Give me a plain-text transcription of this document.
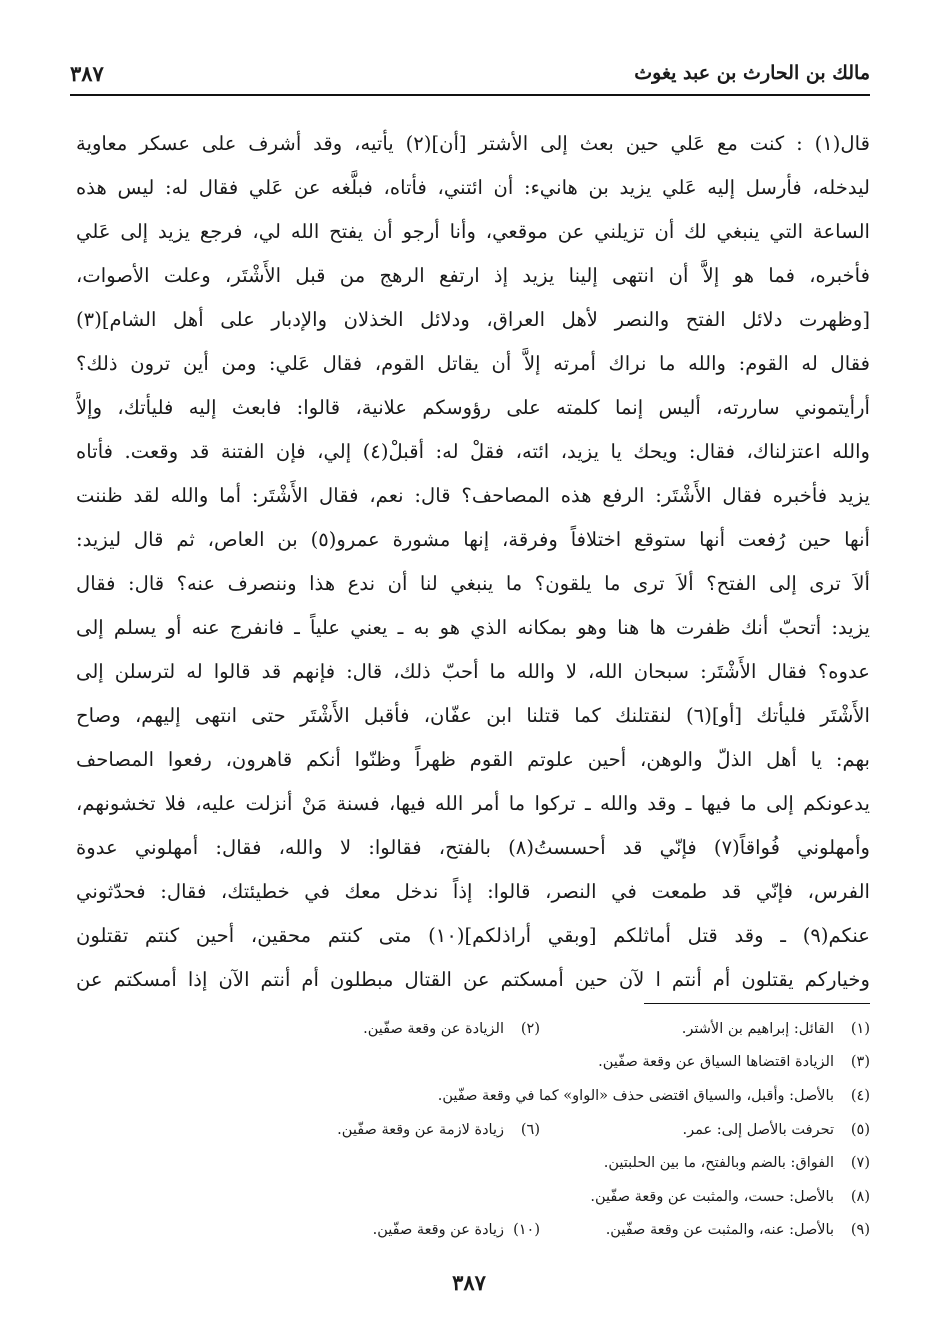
مالك بن الحارث بن عبد يغوث
٣٨٧
قال(١) : كنت مع عَلي حين بعث إلى الأشتر [أن](٢) يأتيه، وقد أشرف على عسكر معاوية
ليدخله، فأرسل إليه عَلي يزيد بن هانيء: أن ائتني، فأتاه، فبلَّغه عن عَلي فقال له: ليس هذه
الساعة التي ينبغي لك أن تزيلني عن موقعي، وأنا أرجو أن يفتح الله لي، فرجع يزيد إلى عَلي
فأخبره، فما هو إلاَّ أن انتهى إلينا يزيد إذ ارتفع الرهج من قبل الأَشْتَر، وعلت الأصوات،
[وظهرت دلائل الفتح والنصر لأهل العراق، ودلائل الخذلان والإدبار على أهل الشام](٣)
فقال له القوم: والله ما نراك أمرته إلاَّ أن يقاتل القوم، فقال عَلي: ومن أين ترون ذلك؟
أرأيتموني ساررته، أليس إنما كلمته على رؤوسكم علانية، قالوا: فابعث إليه فليأتك، وإلاَّ
والله اعتزلناك، فقال: ويحك يا يزيد، ائته، فقلْ له: أقبلْ(٤) إلي، فإن الفتنة قد وقعت. فأتاه
يزيد فأخبره فقال الأَشْتَر: الرفع هذه المصاحف؟ قال: نعم، فقال الأَشْتَر: أما والله لقد ظننت
أنها حين رُفعت أنها ستوقع اختلافاً وفرقة، إنها مشورة عمرو(٥) بن العاص، ثم قال ليزيد:
ألاَ ترى إلى الفتح؟ ألاَ ترى ما يلقون؟ ما ينبغي لنا أن ندع هذا وننصرف عنه؟ قال: فقال
يزيد: أتحبّ أنك ظفرت ها هنا وهو بمكانه الذي هو به ـ يعني علياً ـ فانفرج عنه أو يسلم إلى
عدوه؟ فقال الأَشْتَر: سبحان الله، لا والله ما أحبّ ذلك، قال: فإنهم قد قالوا له لترسلن إلى
الأَشْتَر فليأتك [أو](٦) لنقتلنك كما قتلنا ابن عفّان، فأقبل الأَشْتَر حتى انتهى إليهم، وصاح
بهم: يا أهل الذلّ والوهن، أحين علوتم القوم ظهراً وظنّوا أنكم قاهرون، رفعوا المصاحف
يدعونكم إلى ما فيها ـ وقد والله ـ تركوا ما أمر الله فيها، فسنة مَنْ أنزلت عليه، فلا تخشونهم،
وأمهلوني فُواقاً(٧) فإنّي قد أحسستُ(٨) بالفتح، فقالوا: لا والله، فقال: أمهلوني عدوة
الفرس، فإنّي قد طمعت في النصر، قالوا: إذاً ندخل معك في خطيئتك، فقال: فحدّثوني
عنكم(٩) ـ وقد قتل أماثلكم [وبقي أراذلكم](١٠) متى كنتم محقين، أحين كنتم تقتلون
وخياركم يقتلون أم أنتم ا لآن حين أمسكتم عن القتال مبطلون أم أنتم الآن إذا أمسكتم عن
(١)
القائل: إبراهيم بن الأشتر.
(٢)
الزيادة عن وقعة صفّين.
(٣)
الزيادة اقتضاها السياق عن وقعة صفّين.
(٤)
بالأصل: وأقبل، والسياق اقتضى حذف «الواو» كما في وقعة صفّين.
(٥)
تحرفت بالأصل إلى: عمر.
(٦)
زيادة لازمة عن وقعة صفّين.
(٧)
الفواق: بالضم وبالفتح، ما بين الحلبتين.
(٨)
بالأصل: حست، والمثبت عن وقعة صفّين.
(٩)
بالأصل: عنه، والمثبت عن وقعة صفّين.
(١٠)
زيادة عن وقعة صفّين.
٣٨٧
